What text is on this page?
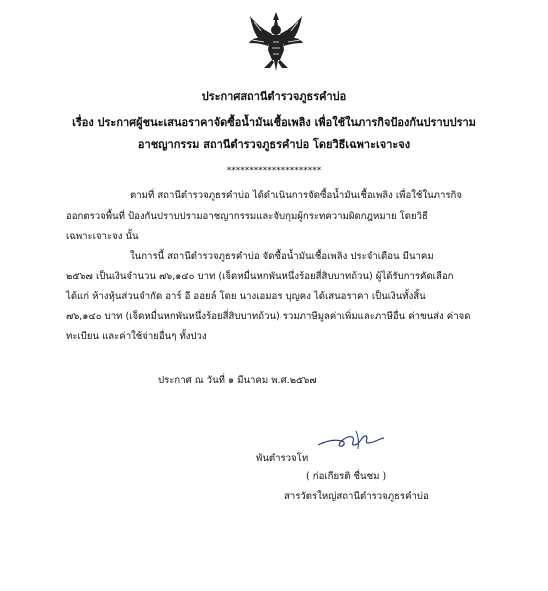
ประกาศสถานีตำรวจภูธรคำบ่อ
เรื่อง ประกาศผู้ชนะเสนอราคาจัดซื้อน้ำมันเชื้อเพลิง เพื่อใช้ในภารกิจป้องกันปราบปราม
อาชญากรรม สถานีตำรวจภูธรคำบ่อ โดยวิธีเฉพาะเจาะจง
*********************
ตามที่ สถานีตำรวจภูธรคำบ่อ ได้ดำเนินการจัดซื้อน้ำมันเชื้อเพลิง เพื่อใช้ในภารกิจ
ออกตรวจพื้นที่ ป้องกันปราบปรามอาชญากรรมและจับกุมผู้กระทความผิดกฎหมาย โดยวิธี
เฉพาะเจาะจง นั้น
ในการนี้ สถานีตำรวจภูธรคำบ่อ จัดซื้อน้ำมันเชื้อเพลิง ประจำเดือน มีนาคม
๒๕๖๗ เป็นเงินจำนวน ๗๖,๑๔๐ บาท (เจ็ดหมื่นหกพันหนึ่งร้อยสี่สิบบาทถ้วน) ผู้ได้รับการคัดเลือก
ได้แก่ ห้างหุ้นส่วนจำกัด อาร์ อี ออยล์ โดย นางเอมอร บุญคง ได้เสนอราคา เป็นเงินทั้งสิ้น
๗๖,๑๔๐ บาท (เจ็ดหมื่นหกพันหนึ่งร้อยสี่สิบบาทถ้วน) รวมภาษีมูลค่าเพิ่มและภาษีอื่น ค่าขนส่ง ค่าจด
ทะเบียน และค่าใช้จ่ายอื่นๆ ทั้งปวง
ประกาศ ณ วันที่ ๑ มีนาคม พ.ศ.๒๕๖๗
พันตำรวจโท
( ก่อเกียรติ ชื่นชม )
สารวัตรใหญ่สถานีตำรวจภูธรคำบ่อ
